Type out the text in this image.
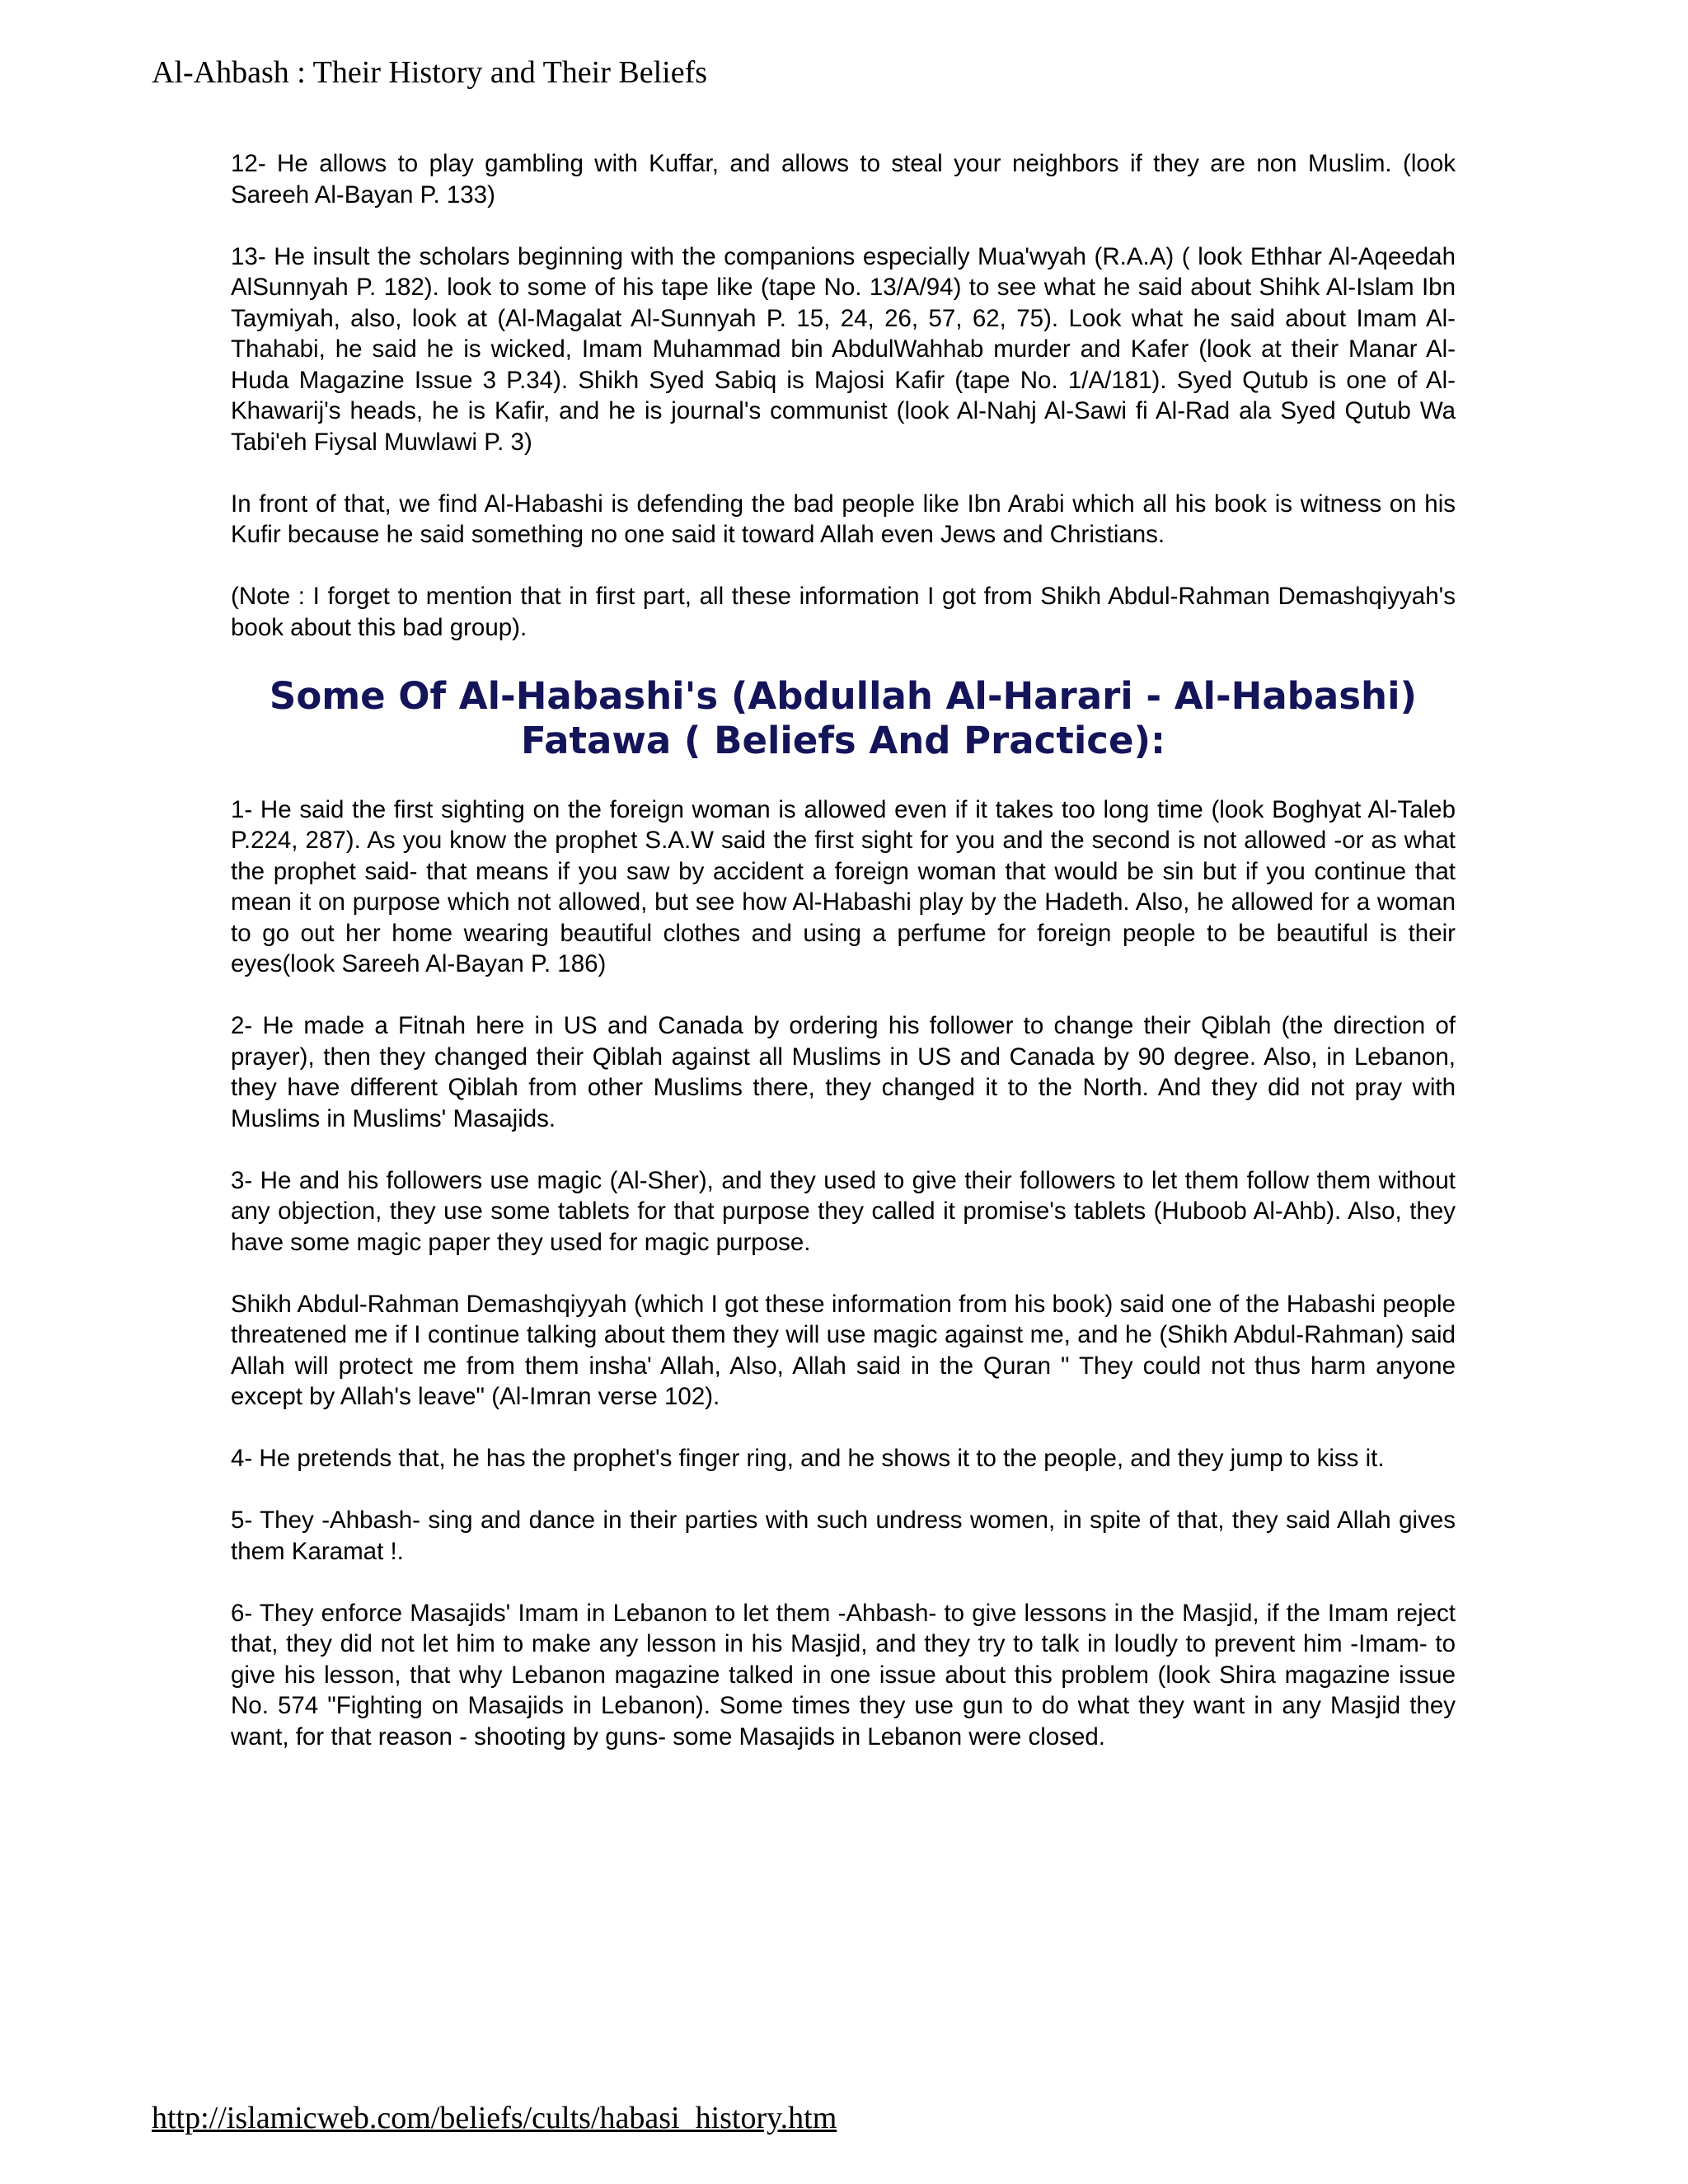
Al-Ahbash : Their History and Their Beliefs

12- He allows to play gambling with Kuffar, and allows to steal your neighbors if they are non Muslim. (look Sareeh Al-Bayan P. 133)

13- He insult the scholars beginning with the companions especially Mua'wyah (R.A.A) ( look Ethhar Al-Aqeedah AlSunnyah P. 182). look to some of his tape like (tape No. 13/A/94) to see what he said about Shihk Al-Islam Ibn Taymiyah, also, look at (Al-Magalat Al-Sunnyah P. 15, 24, 26, 57, 62, 75). Look what he said about Imam Al-Thahabi, he said he is wicked, Imam Muhammad bin AbdulWahhab murder and Kafer (look at their Manar Al-Huda Magazine Issue 3 P.34). Shikh Syed Sabiq is Majosi Kafir (tape No. 1/A/181). Syed Qutub is one of Al-Khawarij's heads, he is Kafir, and he is journal's communist (look Al-Nahj Al-Sawi fi Al-Rad ala Syed Qutub Wa Tabi'eh Fiysal Muwlawi P. 3)

In front of that, we find Al-Habashi is defending the bad people like Ibn Arabi which all his book is witness on his Kufir because he said something no one said it toward Allah even Jews and Christians.

(Note : I forget to mention that in first part, all these information I got from Shikh Abdul-Rahman Demashqiyyah's book about this bad group).

Some Of Al-Habashi's (Abdullah Al-Harari - Al-Habashi)
Fatawa ( Beliefs And Practice):

1- He said the first sighting on the foreign woman is allowed even if it takes too long time (look Boghyat Al-Taleb P.224, 287). As you know the prophet S.A.W said the first sight for you and the second is not allowed -or as what the prophet said- that means if you saw by accident a foreign woman that would be sin but if you continue that mean it on purpose which not allowed, but see how Al-Habashi play by the Hadeth. Also, he allowed for a woman to go out her home wearing beautiful clothes and using a perfume for foreign people to be beautiful is their eyes(look Sareeh Al-Bayan P. 186)

2- He made a Fitnah here in US and Canada by ordering his follower to change their Qiblah (the direction of prayer), then they changed their Qiblah against all Muslims in US and Canada by 90 degree. Also, in Lebanon, they have different Qiblah from other Muslims there, they changed it to the North. And they did not pray with Muslims in Muslims' Masajids.

3- He and his followers use magic (Al-Sher), and they used to give their followers to let them follow them without any objection, they use some tablets for that purpose they called it promise's tablets (Huboob Al-Ahb). Also, they have some magic paper they used for magic purpose.

Shikh Abdul-Rahman Demashqiyyah (which I got these information from his book) said one of the Habashi people threatened me if I continue talking about them they will use magic against me, and he (Shikh Abdul-Rahman) said Allah will protect me from them insha' Allah, Also, Allah said in the Quran " They could not thus harm anyone except by Allah's leave" (Al-Imran verse 102).

4- He pretends that, he has the prophet's finger ring, and he shows it to the people, and they jump to kiss it.

5- They -Ahbash- sing and dance in their parties with such undress women, in spite of that, they said Allah gives them Karamat !.

6- They enforce Masajids' Imam in Lebanon to let them -Ahbash- to give lessons in the Masjid, if the Imam reject that, they did not let him to make any lesson in his Masjid, and they try to talk in loudly to prevent him -Imam- to give his lesson, that why Lebanon magazine talked in one issue about this problem (look Shira magazine issue No. 574 "Fighting on Masajids in Lebanon). Some times they use gun to do what they want in any Masjid they want, for that reason - shooting by guns- some Masajids in Lebanon were closed.

http://islamicweb.com/beliefs/cults/habasi_history.htm
